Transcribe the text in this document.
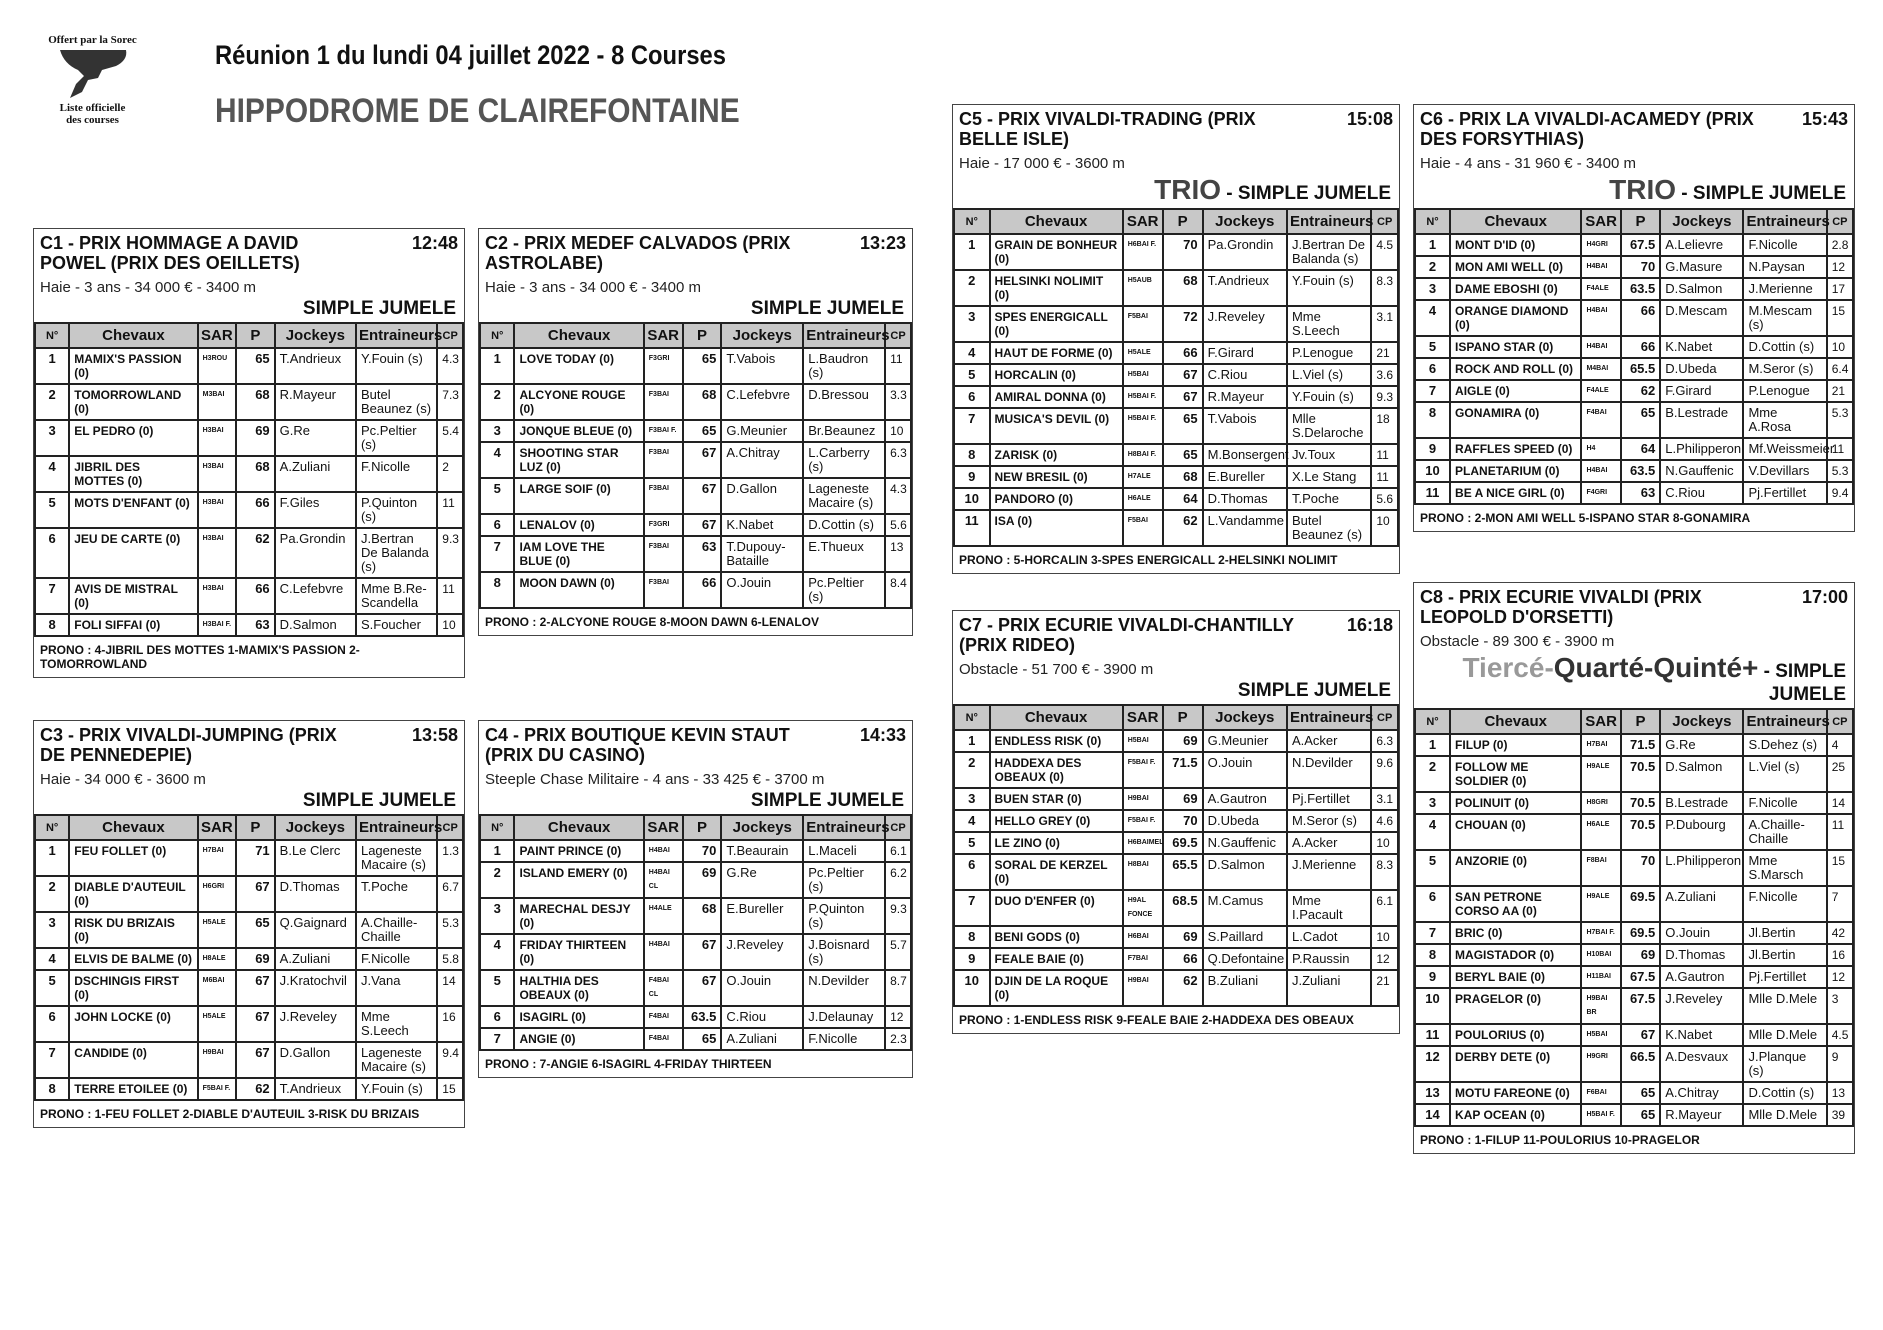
Offert par la Sorec
Liste officielle
des courses
Réunion 1 du lundi 04 juillet 2022 - 8 Courses
HIPPODROME DE CLAIREFONTAINE
C1 - PRIX HOMMAGE A DAVID POWEL (PRIX DES OEILLETS)
12:48
Haie - 3 ans - 34 000 € - 3400 m
SIMPLE JUMELE
N°	Chevaux	SAR	P	Jockeys	Entraineurs	CP
1	MAMIX'S PASSION (0)	H3ROU	65	T.Andrieux	Y.Fouin (s)	4.3
2	TOMORROWLAND (0)	M3BAI	68	R.Mayeur	Butel Beaunez (s)	7.3
3	EL PEDRO (0)	H3BAI	69	G.Re	Pc.Peltier (s)	5.4
4	JIBRIL DES MOTTES (0)	H3BAI	68	A.Zuliani	F.Nicolle	2
5	MOTS D'ENFANT (0)	H3BAI	66	F.Giles	P.Quinton (s)	11
6	JEU DE CARTE (0)	H3BAI	62	Pa.Grondin	J.Bertran De Balanda (s)	9.3
7	AVIS DE MISTRAL (0)	H3BAI	66	C.Lefebvre	Mme B.Re-Scandella	11
8	FOLI SIFFAI (0)	H3BAI F.	63	D.Salmon	S.Foucher	10
PRONO : 4-JIBRIL DES MOTTES 1-MAMIX'S PASSION 2-TOMORROWLAND
C2 - PRIX MEDEF CALVADOS (PRIX ASTROLABE)
13:23
Haie - 3 ans - 34 000 € - 3400 m
SIMPLE JUMELE
N°	Chevaux	SAR	P	Jockeys	Entraineurs	CP
1	LOVE TODAY (0)	F3GRI	65	T.Vabois	L.Baudron (s)	11
2	ALCYONE ROUGE (0)	F3BAI	68	C.Lefebvre	D.Bressou	3.3
3	JONQUE BLEUE (0)	F3BAI F.	65	G.Meunier	Br.Beaunez	10
4	SHOOTING STAR LUZ (0)	F3BAI	67	A.Chitray	L.Carberry (s)	6.3
5	LARGE SOIF (0)	F3BAI	67	D.Gallon	Lageneste Macaire (s)	4.3
6	LENALOV (0)	F3GRI	67	K.Nabet	D.Cottin (s)	5.6
7	IAM LOVE THE BLUE (0)	F3BAI	63	T.Dupouy-Bataille	E.Thueux	13
8	MOON DAWN (0)	F3BAI	66	O.Jouin	Pc.Peltier (s)	8.4
PRONO : 2-ALCYONE ROUGE 8-MOON DAWN 6-LENALOV
C3 - PRIX VIVALDI-JUMPING (PRIX DE PENNEDEPIE)
13:58
Haie - 34 000 € - 3600 m
SIMPLE JUMELE
N°	Chevaux	SAR	P	Jockeys	Entraineurs	CP
1	FEU FOLLET (0)	H7BAI	71	B.Le Clerc	Lageneste Macaire (s)	1.3
2	DIABLE D'AUTEUIL (0)	H6GRI	67	D.Thomas	T.Poche	6.7
3	RISK DU BRIZAIS (0)	H5ALE	65	Q.Gaignard	A.Chaille-Chaille	5.3
4	ELVIS DE BALME (0)	H8ALE	69	A.Zuliani	F.Nicolle	5.8
5	DSCHINGIS FIRST (0)	M6BAI	67	J.Kratochvil	J.Vana	14
6	JOHN LOCKE (0)	H5ALE	67	J.Reveley	Mme S.Leech	16
7	CANDIDE (0)	H9BAI	67	D.Gallon	Lageneste Macaire (s)	9.4
8	TERRE ETOILEE (0)	F5BAI F.	62	T.Andrieux	Y.Fouin (s)	15
PRONO : 1-FEU FOLLET 2-DIABLE D'AUTEUIL 3-RISK DU BRIZAIS
C4 - PRIX BOUTIQUE KEVIN STAUT (PRIX DU CASINO)
14:33
Steeple Chase Militaire - 4 ans - 33 425 € - 3700 m
SIMPLE JUMELE
N°	Chevaux	SAR	P	Jockeys	Entraineurs	CP
1	PAINT PRINCE (0)	H4BAI	70	T.Beaurain	L.Maceli	6.1
2	ISLAND EMERY (0)	H4BAI CL	69	G.Re	Pc.Peltier (s)	6.2
3	MARECHAL DESJY (0)	H4ALE	68	E.Bureller	P.Quinton (s)	9.3
4	FRIDAY THIRTEEN (0)	H4BAI	67	J.Reveley	J.Boisnard (s)	5.7
5	HALTHIA DES OBEAUX (0)	F4BAI CL	67	O.Jouin	N.Devilder	8.7
6	ISAGIRL (0)	F4BAI	63.5	C.Riou	J.Delaunay	12
7	ANGIE (0)	F4BAI	65	A.Zuliani	F.Nicolle	2.3
PRONO : 7-ANGIE 6-ISAGIRL 4-FRIDAY THIRTEEN
C5 - PRIX VIVALDI-TRADING (PRIX BELLE ISLE)
15:08
Haie - 17 000 € - 3600 m
TRIO - SIMPLE JUMELE
N°	Chevaux	SAR	P	Jockeys	Entraineurs	CP
1	GRAIN DE BONHEUR (0)	H6BAI F.	70	Pa.Grondin	J.Bertran De Balanda (s)	4.5
2	HELSINKI NOLIMIT (0)	H5AUB	68	T.Andrieux	Y.Fouin (s)	8.3
3	SPES ENERGICALL (0)	F5BAI	72	J.Reveley	Mme S.Leech	3.1
4	HAUT DE FORME (0)	H5ALE	66	F.Girard	P.Lenogue	21
5	HORCALIN (0)	H5BAI	67	C.Riou	L.Viel (s)	3.6
6	AMIRAL DONNA (0)	H5BAI F.	67	R.Mayeur	Y.Fouin (s)	9.3
7	MUSICA'S DEVIL (0)	H5BAI F.	65	T.Vabois	Mlle S.Delaroche	18
8	ZARISK (0)	H8BAI F.	65	M.Bonsergent	Jv.Toux	11
9	NEW BRESIL (0)	H7ALE	68	E.Bureller	X.Le Stang	11
10	PANDORO (0)	H6ALE	64	D.Thomas	T.Poche	5.6
11	ISA (0)	F5BAI	62	L.Vandamme	Butel Beaunez (s)	10
PRONO : 5-HORCALIN 3-SPES ENERGICALL 2-HELSINKI NOLIMIT
C6 - PRIX LA VIVALDI-ACAMEDY (PRIX DES FORSYTHIAS)
15:43
Haie - 4 ans - 31 960 € - 3400 m
TRIO - SIMPLE JUMELE
N°	Chevaux	SAR	P	Jockeys	Entraineurs	CP
1	MONT D'ID (0)	H4GRI	67.5	A.Lelievre	F.Nicolle	2.8
2	MON AMI WELL (0)	H4BAI	70	G.Masure	N.Paysan	12
3	DAME EBOSHI (0)	F4ALE	63.5	D.Salmon	J.Merienne	17
4	ORANGE DIAMOND (0)	H4BAI	66	D.Mescam	M.Mescam (s)	15
5	ISPANO STAR (0)	H4BAI	66	K.Nabet	D.Cottin (s)	10
6	ROCK AND ROLL (0)	M4BAI	65.5	D.Ubeda	M.Seror (s)	6.4
7	AIGLE (0)	F4ALE	62	F.Girard	P.Lenogue	21
8	GONAMIRA (0)	F4BAI	65	B.Lestrade	Mme A.Rosa	5.3
9	RAFFLES SPEED (0)	H4	64	L.Philipperon	Mf.Weissmeier	11
10	PLANETARIUM (0)	H4BAI	63.5	N.Gauffenic	V.Devillars	5.3
11	BE A NICE GIRL (0)	F4GRI	63	C.Riou	Pj.Fertillet	9.4
PRONO : 2-MON AMI WELL 5-ISPANO STAR 8-GONAMIRA
C7 - PRIX ECURIE VIVALDI-CHANTILLY (PRIX RIDEO)
16:18
Obstacle - 51 700 € - 3900 m
SIMPLE JUMELE
N°	Chevaux	SAR	P	Jockeys	Entraineurs	CP
1	ENDLESS RISK (0)	H5BAI	69	G.Meunier	A.Acker	6.3
2	HADDEXA DES OBEAUX (0)	F5BAI F.	71.5	O.Jouin	N.Devilder	9.6
3	BUEN STAR (0)	H9BAI	69	A.Gautron	Pj.Fertillet	3.1
4	HELLO GREY (0)	F5BAI F.	70	D.Ubeda	M.Seror (s)	4.6
5	LE ZINO (0)	H6BAIMEL	69.5	N.Gauffenic	A.Acker	10
6	SORAL DE KERZEL (0)	H8BAI	65.5	D.Salmon	J.Merienne	8.3
7	DUO D'ENFER (0)	H9AL FONCE	68.5	M.Camus	Mme I.Pacault	6.1
8	BENI GODS (0)	H6BAI	69	S.Paillard	L.Cadot	10
9	FEALE BAIE (0)	F7BAI	66	Q.Defontaine	P.Raussin	12
10	DJIN DE LA ROQUE (0)	H9BAI	62	B.Zuliani	J.Zuliani	21
PRONO : 1-ENDLESS RISK 9-FEALE BAIE 2-HADDEXA DES OBEAUX
C8 - PRIX ECURIE VIVALDI (PRIX LEOPOLD D'ORSETTI)
17:00
Obstacle - 89 300 € - 3900 m
Tiercé-Quarté-Quinté+ - SIMPLE JUMELE
N°	Chevaux	SAR	P	Jockeys	Entraineurs	CP
1	FILUP (0)	H7BAI	71.5	G.Re	S.Dehez (s)	4
2	FOLLOW ME SOLDIER (0)	H9ALE	70.5	D.Salmon	L.Viel (s)	25
3	POLINUIT (0)	H8GRI	70.5	B.Lestrade	F.Nicolle	14
4	CHOUAN (0)	H6ALE	70.5	P.Dubourg	A.Chaille-Chaille	11
5	ANZORIE (0)	F8BAI	70	L.Philipperon	Mme S.Marsch	15
6	SAN PETRONE CORSO AA (0)	H9ALE	69.5	A.Zuliani	F.Nicolle	7
7	BRIC (0)	H7BAI F.	69.5	O.Jouin	Jl.Bertin	42
8	MAGISTADOR (0)	H10BAI	69	D.Thomas	Jl.Bertin	16
9	BERYL BAIE (0)	H11BAI	67.5	A.Gautron	Pj.Fertillet	12
10	PRAGELOR (0)	H9BAI BR	67.5	J.Reveley	Mlle D.Mele	3
11	POULORIUS (0)	H5BAI	67	K.Nabet	Mlle D.Mele	4.5
12	DERBY DETE (0)	H9GRI	66.5	A.Desvaux	J.Planque (s)	9
13	MOTU FAREONE (0)	F6BAI	65	A.Chitray	D.Cottin (s)	13
14	KAP OCEAN (0)	H5BAI F.	65	R.Mayeur	Mlle D.Mele	39
PRONO : 1-FILUP 11-POULORIUS 10-PRAGELOR
